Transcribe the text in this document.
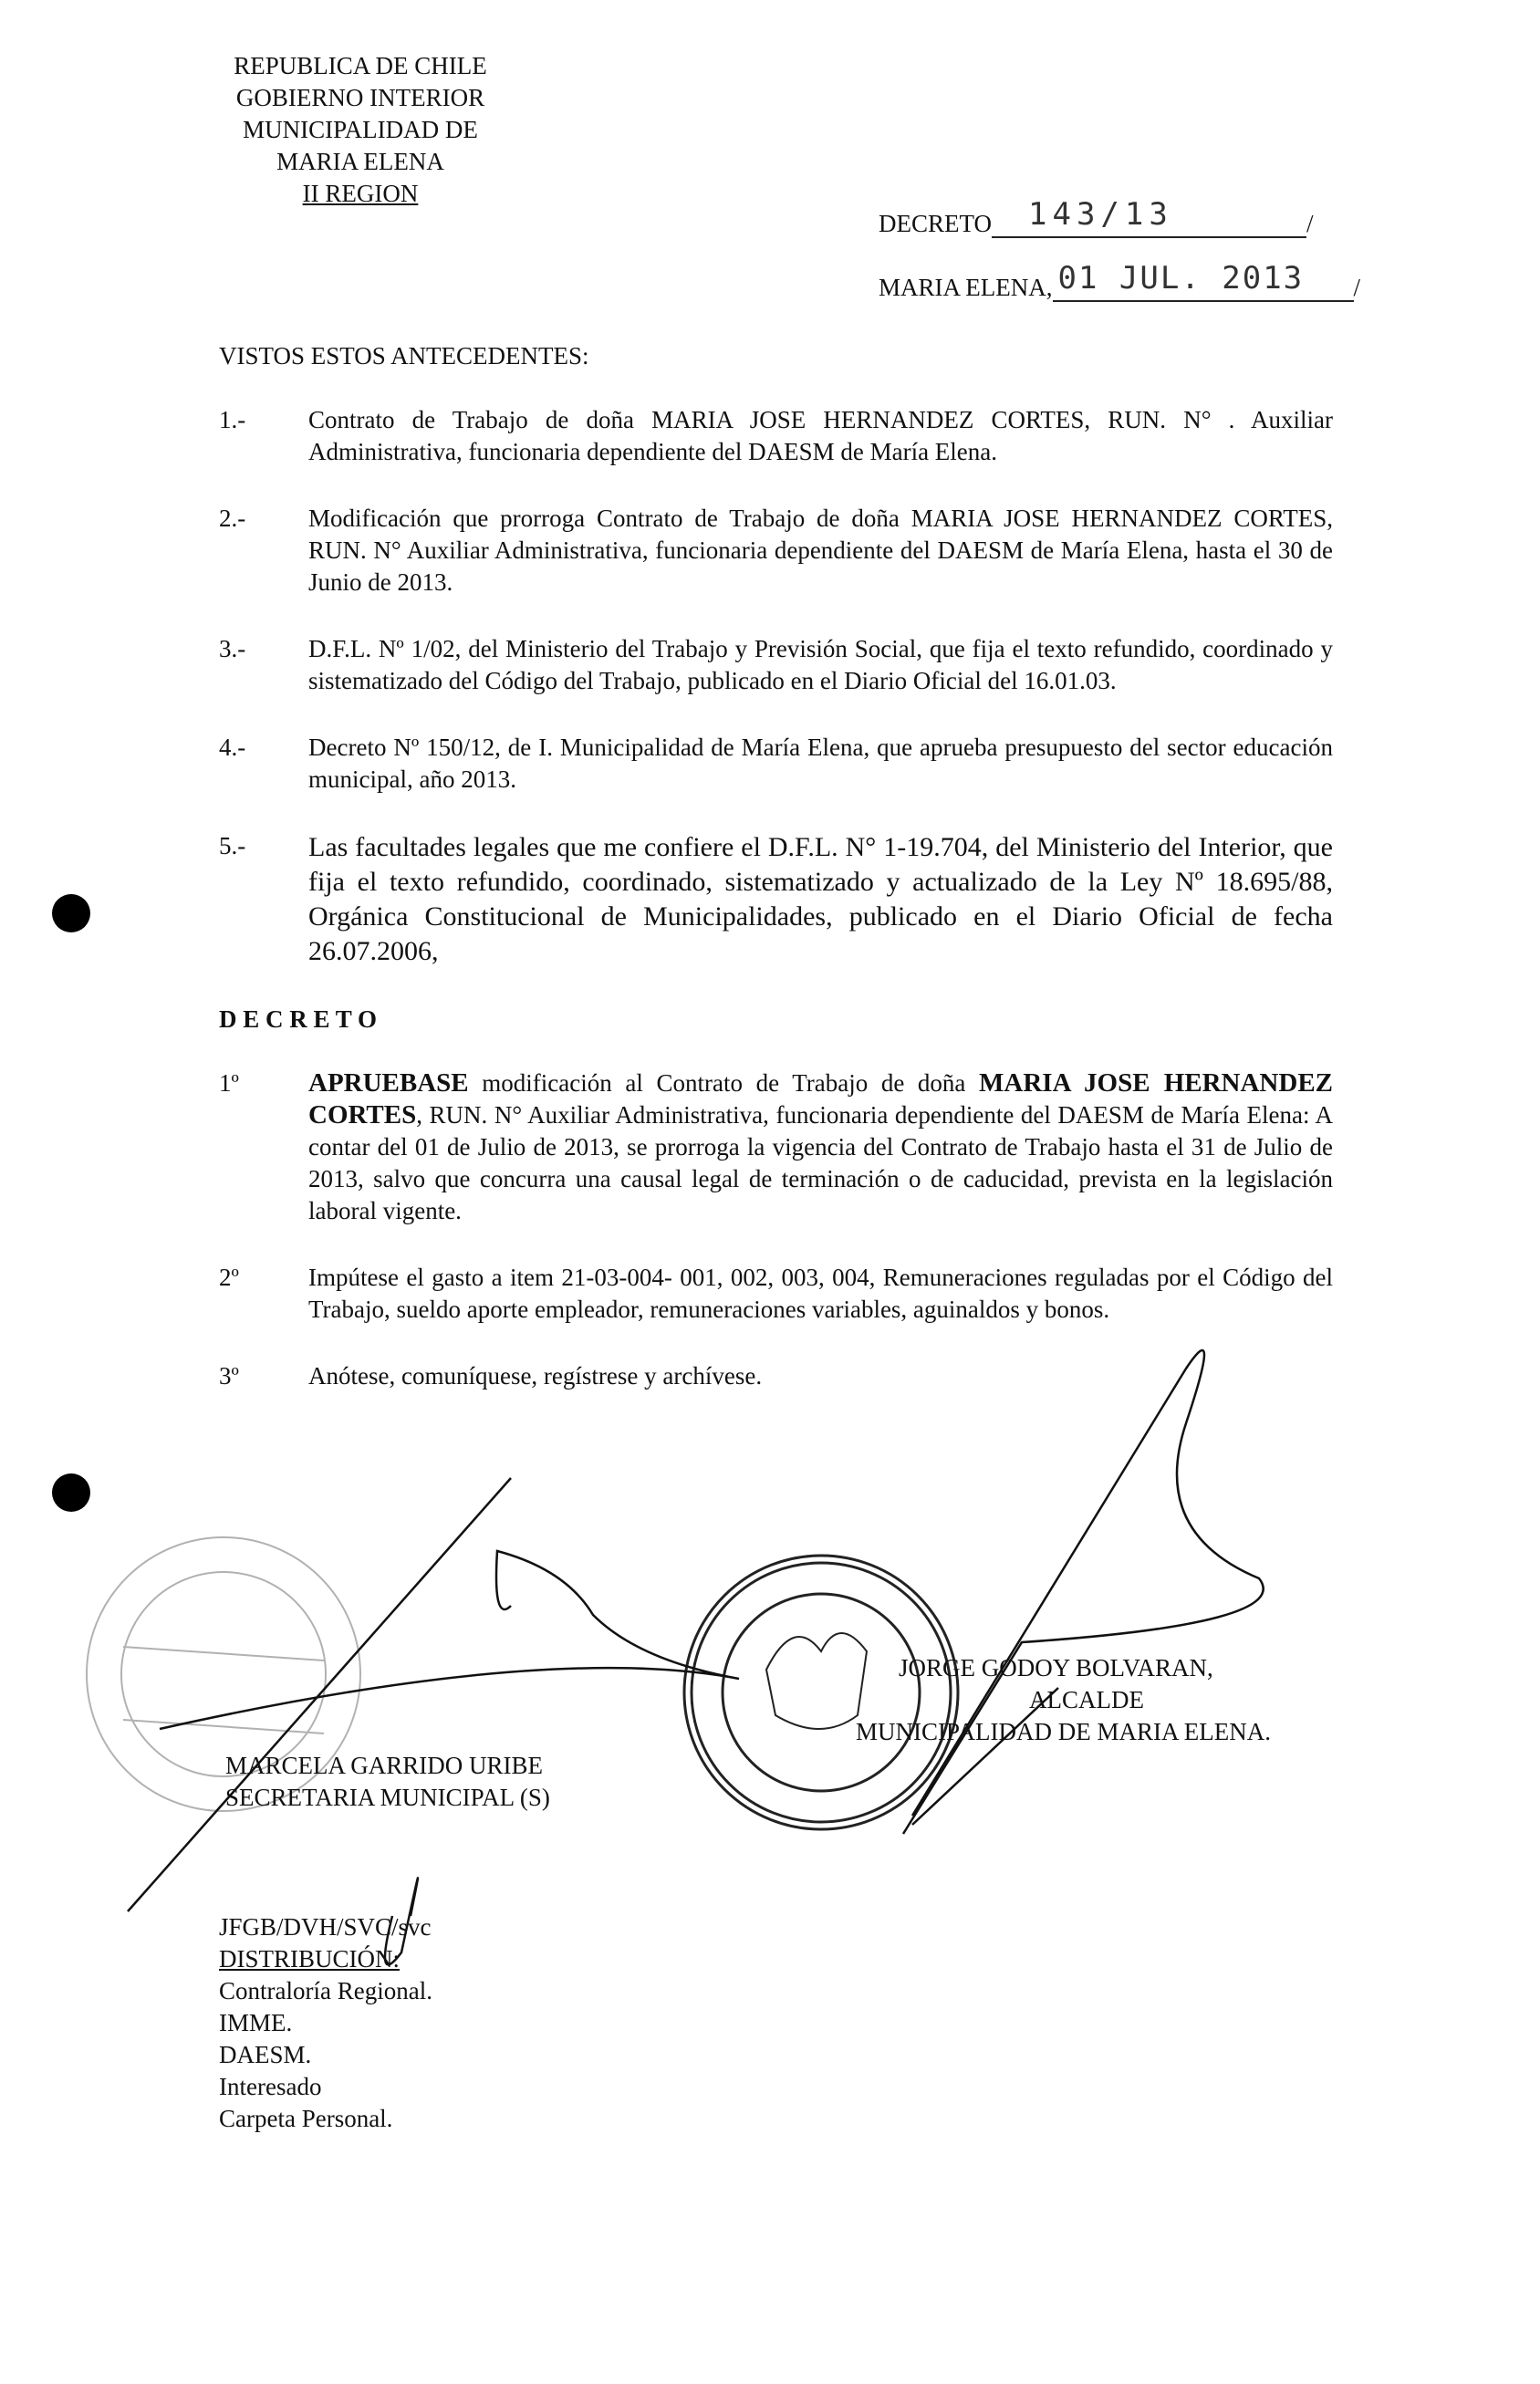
REPUBLICA DE CHILE
GOBIERNO INTERIOR
MUNICIPALIDAD DE
MARIA ELENA
II REGION
DECRETO 143/13	/
MARIA ELENA, 01 JUL. 2013 /
VISTOS ESTOS ANTECEDENTES:
1.-	Contrato de Trabajo de doña MARIA JOSE HERNANDEZ CORTES, RUN. N° . Auxiliar Administrativa, funcionaria dependiente del DAESM de María Elena.
2.-	Modificación que prorroga Contrato de Trabajo de doña MARIA JOSE HERNANDEZ CORTES, RUN. N° Auxiliar Administrativa, funcionaria dependiente del DAESM de María Elena, hasta el 30 de Junio de 2013.
3.-	D.F.L. Nº 1/02, del Ministerio del Trabajo y Previsión Social, que fija el texto refundido, coordinado y sistematizado del Código del Trabajo, publicado en el Diario Oficial del 16.01.03.
4.-	Decreto Nº 150/12, de I. Municipalidad de María Elena, que aprueba presupuesto del sector educación municipal, año 2013.
5.-	Las facultades legales que me confiere el D.F.L. N° 1-19.704, del Ministerio del Interior, que fija el texto refundido, coordinado, sistematizado y actualizado de la Ley Nº 18.695/88, Orgánica Constitucional de Municipalidades, publicado en el Diario Oficial de fecha 26.07.2006,
D E C R E T O
1º	APRUEBASE modificación al Contrato de Trabajo de doña MARIA JOSE HERNANDEZ CORTES, RUN. N° Auxiliar Administrativa, funcionaria dependiente del DAESM de María Elena: A contar del 01 de Julio de 2013, se prorroga la vigencia del Contrato de Trabajo hasta el 31 de Julio de 2013, salvo que concurra una causal legal de terminación o de caducidad, prevista en la legislación laboral vigente.
2º	Impútese el gasto a item 21-03-004- 001, 002, 003, 004, Remuneraciones reguladas por el Código del Trabajo, sueldo aporte empleador, remuneraciones variables, aguinaldos y bonos.
3º	Anótese, comuníquese, regístrese y archívese.
MARCELA GARRIDO URIBE
SECRETARIA MUNICIPAL (S)
JORGE GODOY BOLVARAN,
ALCALDE
MUNICIPALIDAD DE MARIA ELENA.
JFGB/DVH/SVC/svc
DISTRIBUCIÓN:
Contraloría Regional.
IMME.
DAESM.
Interesado
Carpeta Personal.
